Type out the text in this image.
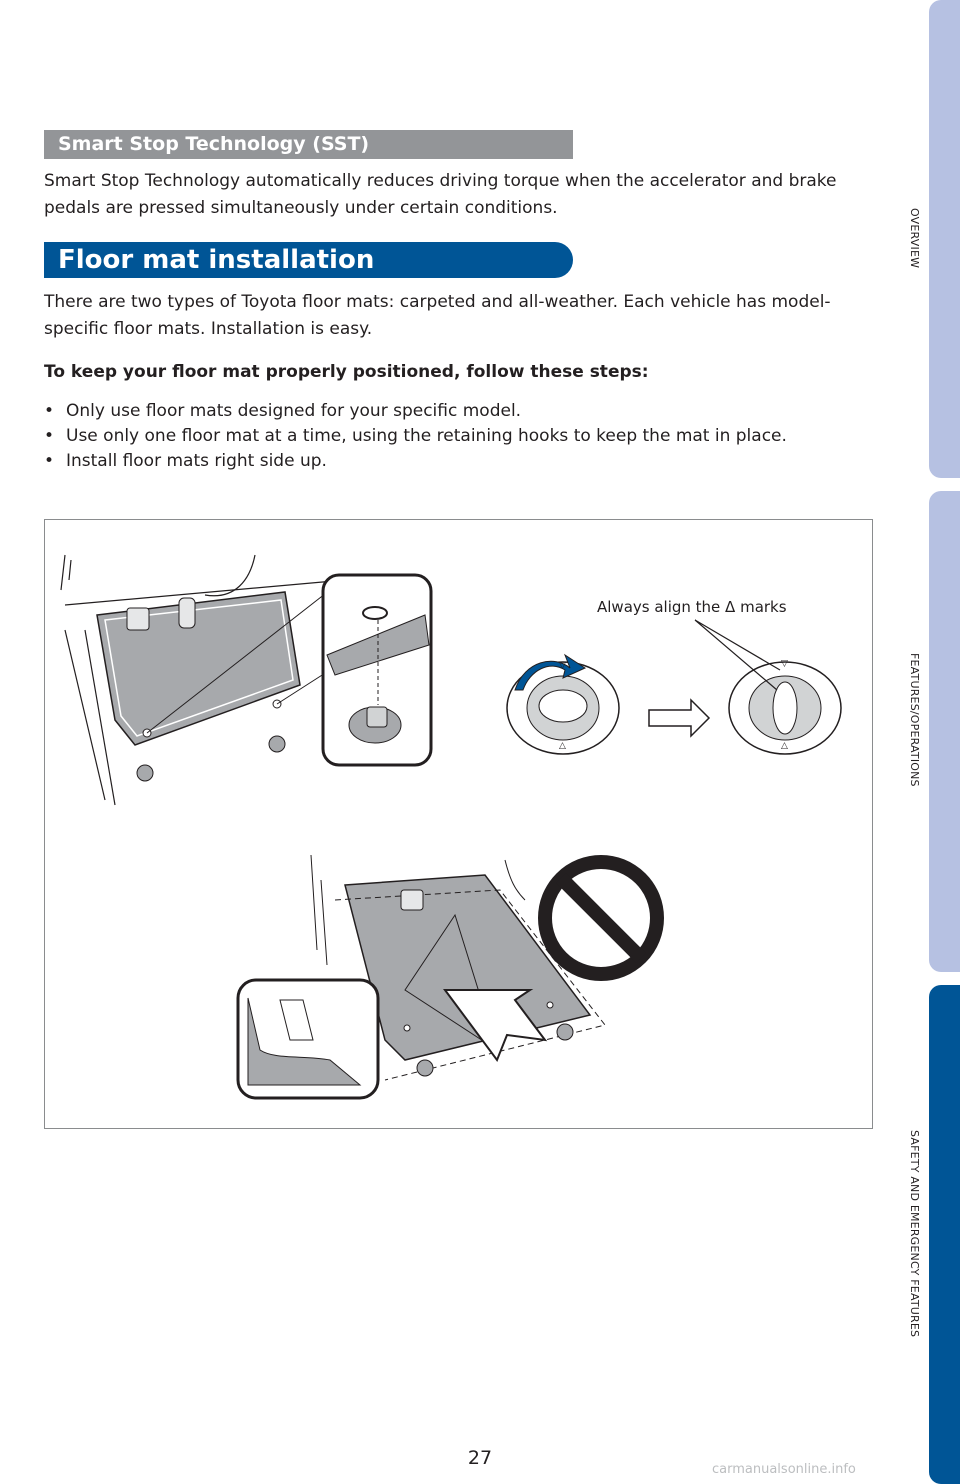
Smart Stop Technology (SST)
Smart Stop Technology automatically reduces driving torque when the accelerator and brake pedals are pressed simultaneously under certain conditions.
Floor mat installation
There are two types of Toyota floor mats: carpeted and all-weather. Each vehicle has model-specific floor mats. Installation is easy.
To keep your floor mat properly positioned, follow these steps:
• Only use floor mats designed for your specific model.
• Use only one floor mat at a time, using the retaining hooks to keep the mat in place.
• Install floor mats right side up.
▽
△
▽
△
Always align the Δ marks
OVERVIEW
FEATURES/OPERATIONS
SAFETY AND EMERGENCY FEATURES
27
carmanualsonline.info
